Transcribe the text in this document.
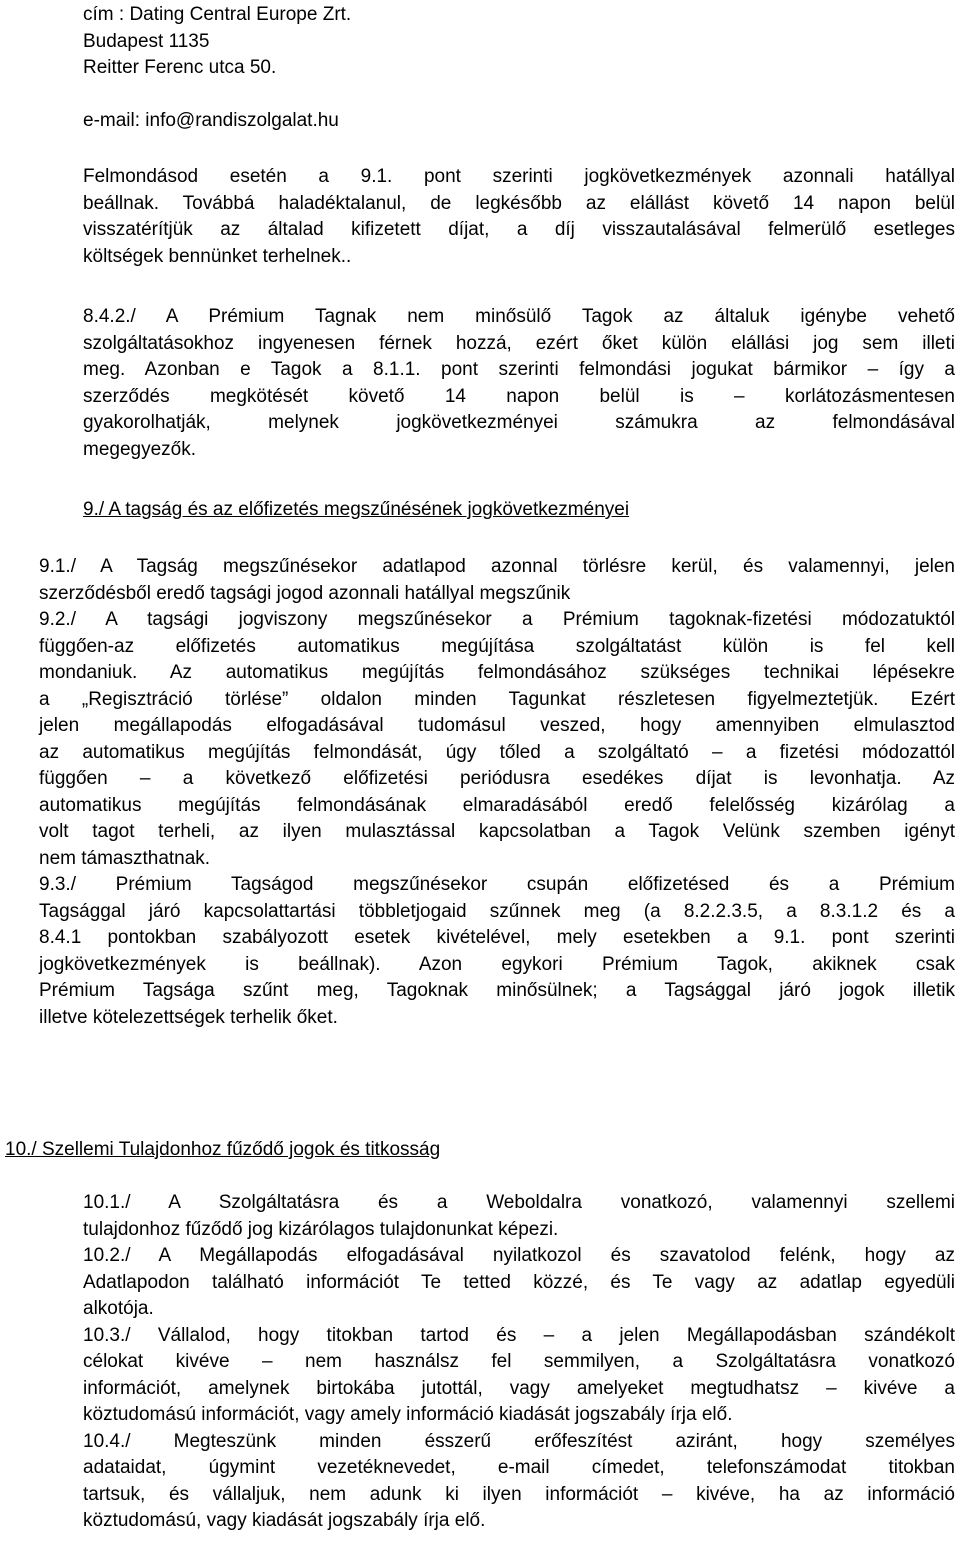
cím : Dating Central Europe Zrt.
Budapest 1135
Reitter Ferenc utca 50.
e-mail: info@randiszolgalat.hu
Felmondásod esetén a 9.1. pont szerinti jogkövetkezmények azonnali hatállyal
beállnak. Továbbá haladéktalanul, de legkésőbb az elállást követő 14 napon belül
visszatérítjük az általad kifizetett díjat, a díj visszautalásával felmerülő esetleges
költségek bennünket terhelnek..
8.4.2./ A Prémium Tagnak nem minősülő Tagok az általuk igénybe vehető
szolgáltatásokhoz ingyenesen férnek hozzá, ezért őket külön elállási jog sem illeti
meg. Azonban e Tagok a 8.1.1. pont szerinti felmondási jogukat bármikor – így a
szerződés megkötését követő 14 napon belül is – korlátozásmentesen
gyakorolhatják, melynek jogkövetkezményei számukra az felmondásával
megegyezők.
9./ A tagság és az előfizetés megszűnésének jogkövetkezményei
9.1./ A Tagság megszűnésekor adatlapod azonnal törlésre kerül, és valamennyi, jelen
szerződésből eredő tagsági jogod azonnali hatállyal megszűnik
9.2./ A tagsági jogviszony megszűnésekor a Prémium tagoknak-fizetési módozatuktól
függően-az előfizetés automatikus megújítása szolgáltatást külön is fel kell
mondaniuk. Az automatikus megújítás felmondásához szükséges technikai lépésekre
a „Regisztráció törlése” oldalon minden Tagunkat részletesen figyelmeztetjük. Ezért
jelen megállapodás elfogadásával tudomásul veszed, hogy amennyiben elmulasztod
az automatikus megújítás felmondását, úgy tőled a szolgáltató – a fizetési módozattól
függően – a következő előfizetési periódusra esedékes díjat is levonhatja. Az
automatikus megújítás felmondásának elmaradásából eredő felelősség kizárólag a
volt tagot terheli, az ilyen mulasztással kapcsolatban a Tagok Velünk szemben igényt
nem támaszthatnak.
9.3./ Prémium Tagságod megszűnésekor csupán előfizetésed és a Prémium
Tagsággal járó kapcsolattartási többletjogaid szűnnek meg (a 8.2.2.3.5, a 8.3.1.2 és a
8.4.1 pontokban szabályozott esetek kivételével, mely esetekben a 9.1. pont szerinti
jogkövetkezmények is beállnak). Azon egykori Prémium Tagok, akiknek csak
Prémium Tagsága szűnt meg, Tagoknak minősülnek; a Tagsággal járó jogok illetik
illetve kötelezettségek terhelik őket.
10./ Szellemi Tulajdonhoz fűződő jogok és titkosság
10.1./ A Szolgáltatásra és a Weboldalra vonatkozó, valamennyi szellemi
tulajdonhoz fűződő jog kizárólagos tulajdonunkat képezi.
10.2./ A Megállapodás elfogadásával nyilatkozol és szavatolod felénk, hogy az
Adatlapodon található információt Te tetted közzé, és Te vagy az adatlap egyedüli
alkotója.
10.3./ Vállalod, hogy titokban tartod és – a jelen Megállapodásban szándékolt
célokat kivéve – nem használsz fel semmilyen, a Szolgáltatásra vonatkozó
információt, amelynek birtokába jutottál, vagy amelyeket megtudhatsz – kivéve a
köztudomású információt, vagy amely információ kiadását jogszabály írja elő.
10.4./ Megteszünk minden ésszerű erőfeszítést aziránt, hogy személyes
adataidat, úgymint vezetéknevedet, e-mail címedet, telefonszámodat titokban
tartsuk, és vállaljuk, nem adunk ki ilyen információt – kivéve, ha az információ
köztudomású, vagy kiadását jogszabály írja elő.
